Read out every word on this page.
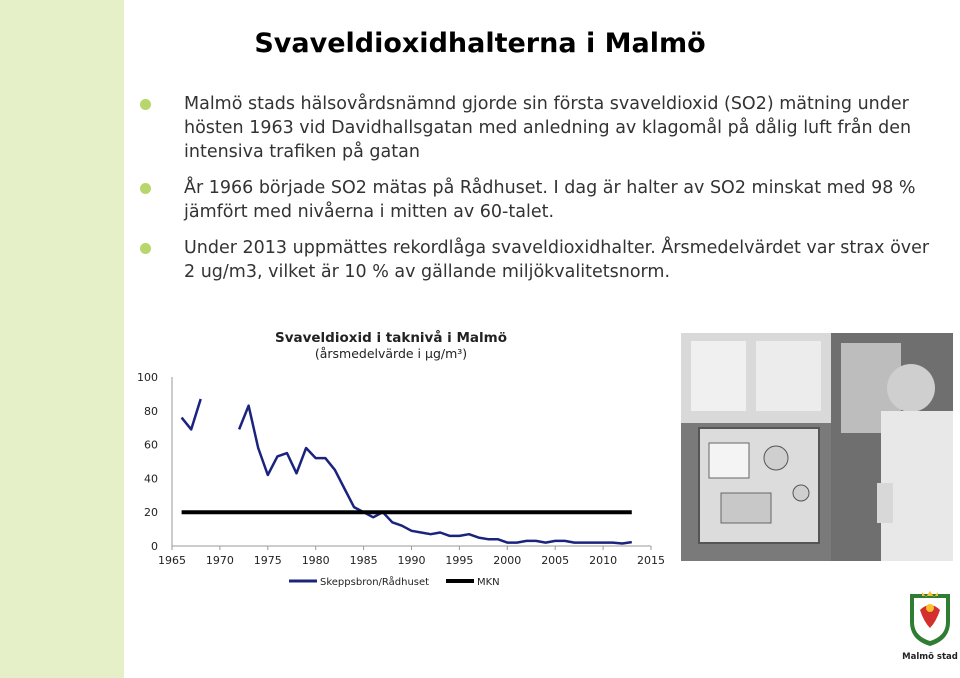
Svaveldioxidhalterna i Malmö
Malmö stads hälsovårdsnämnd gjorde sin första svaveldioxid (SO2) mätning under hösten 1963 vid Davidhallsgatan med anledning av klagomål på dålig luft från den intensiva trafiken på gatan
År 1966 började SO2 mätas på Rådhuset. I dag är halter av SO2 minskat med 98 % jämfört med nivåerna i mitten av 60-talet.
Under 2013 uppmättes rekordlåga svaveldioxidhalter. Årsmedelvärdet var strax över 2 ug/m3, vilket är 10 % av gällande miljökvalitetsnorm.
Svaveldioxid i taknivå i Malmö
(årsmedelvärde i µg/m³)
0
20
40
60
80
100
1965 1970 1975 1980 1985 1990 1995 2000 2005 2010 2015
Skeppsbron/Rådhuset	MKN
Malmö stad
